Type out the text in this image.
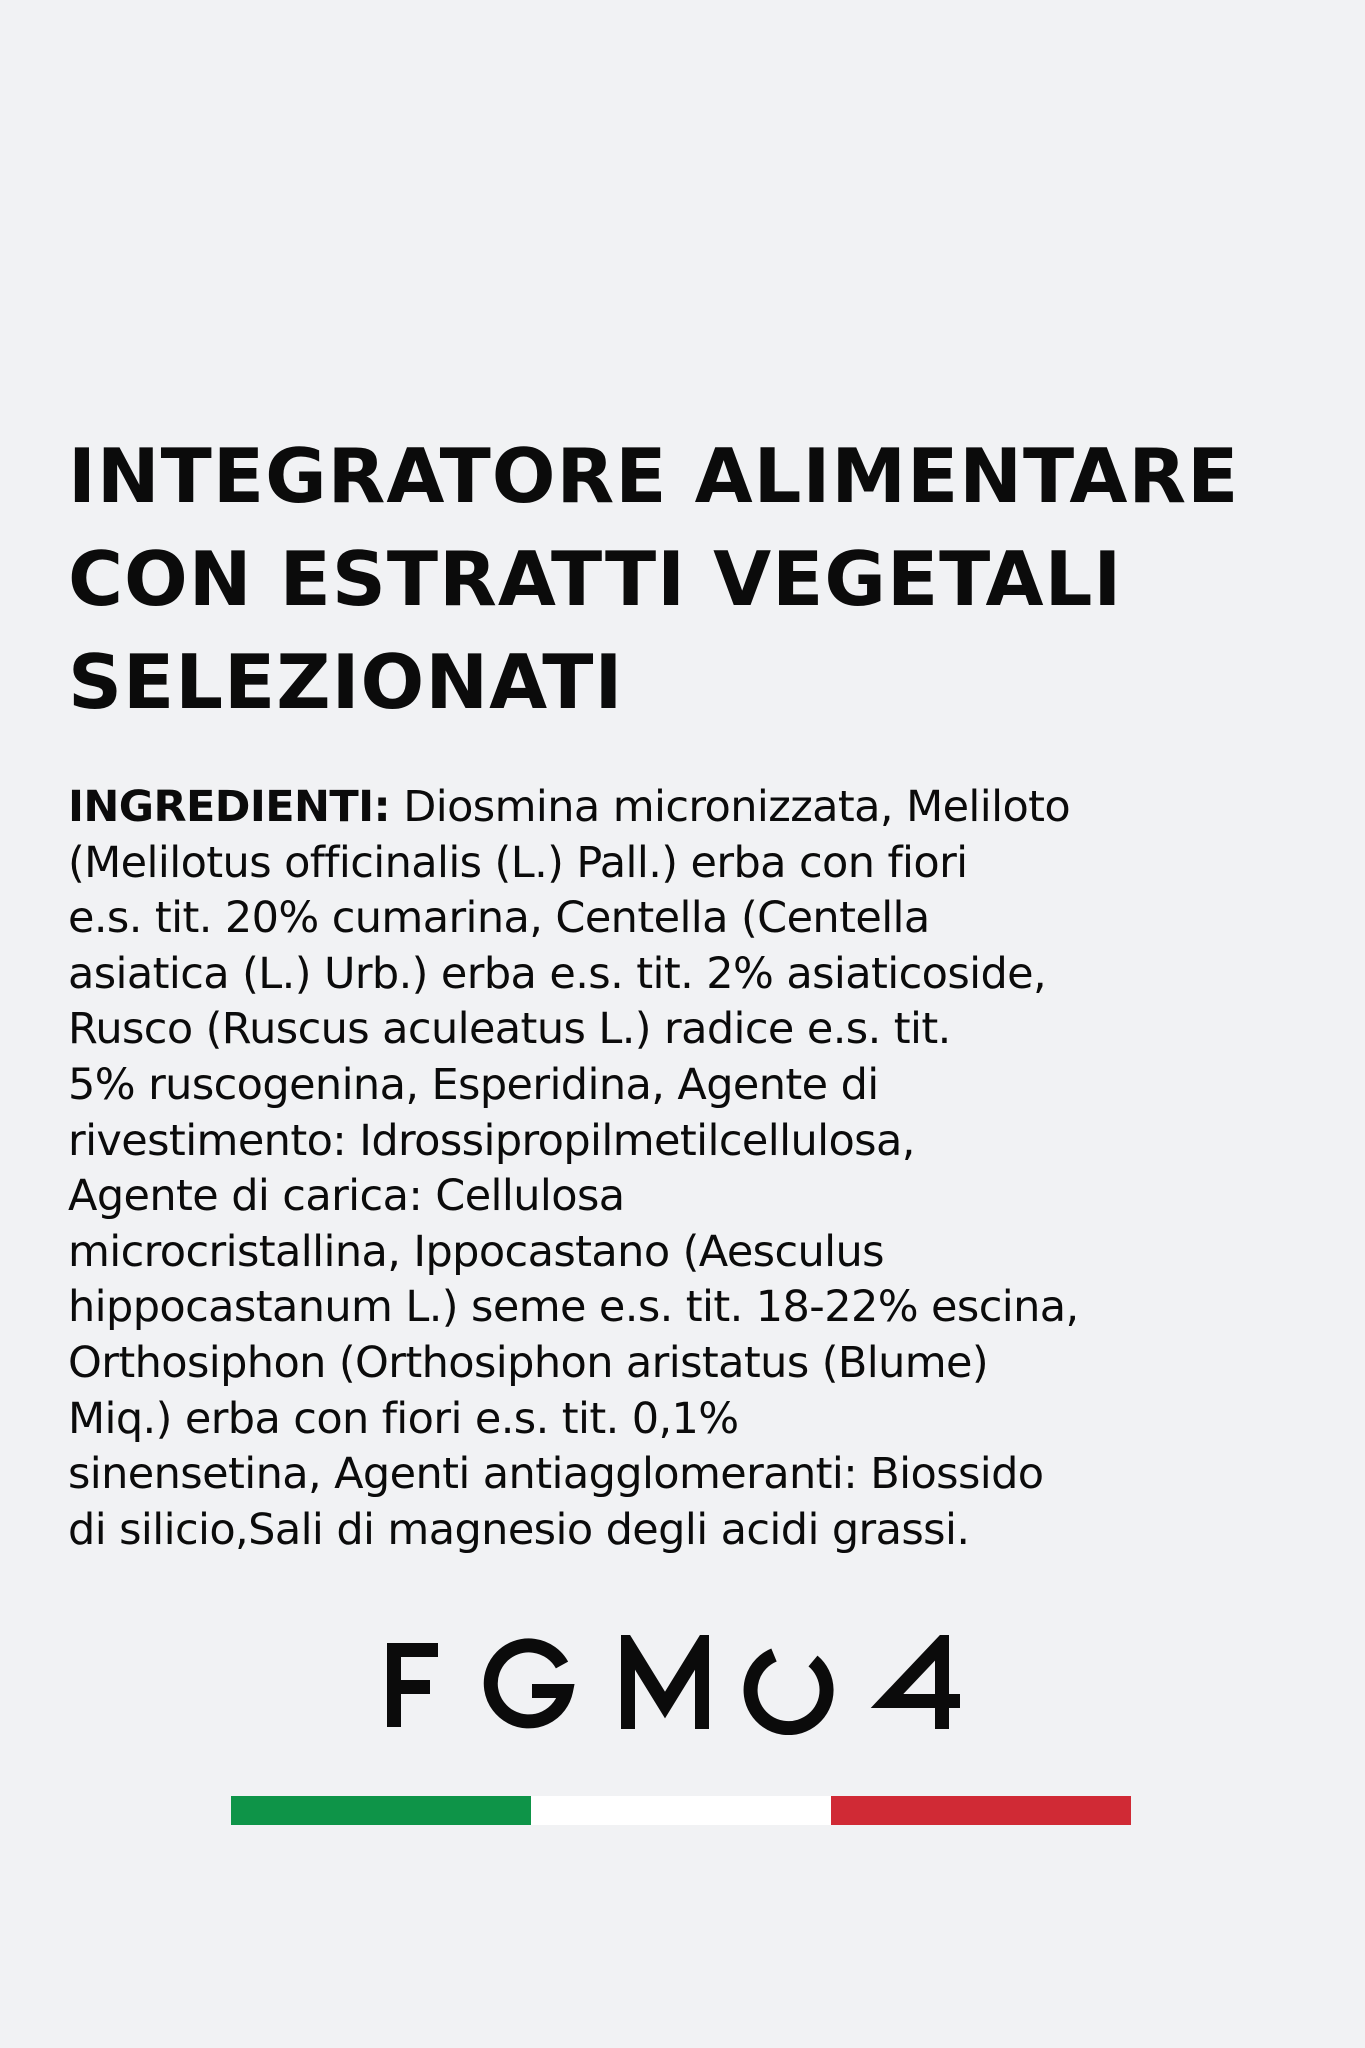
INTEGRATORE ALIMENTARE
CON ESTRATTI VEGETALI
SELEZIONATI

INGREDIENTI: Diosmina micronizzata, Meliloto
(Melilotus officinalis (L.) Pall.) erba con fiori
e.s. tit. 20% cumarina, Centella (Centella
asiatica (L.) Urb.) erba e.s. tit. 2% asiaticoside,
Rusco (Ruscus aculeatus L.) radice e.s. tit.
5% ruscogenina, Esperidina, Agente di
rivestimento: Idrossipropilmetilcellulosa,
Agente di carica: Cellulosa
microcristallina, Ippocastano (Aesculus
hippocastanum L.) seme e.s. tit. 18-22% escina,
Orthosiphon (Orthosiphon aristatus (Blume)
Miq.) erba con fiori e.s. tit. 0,1%
sinensetina, Agenti antiagglomeranti: Biossido
di silicio,Sali di magnesio degli acidi grassi.
